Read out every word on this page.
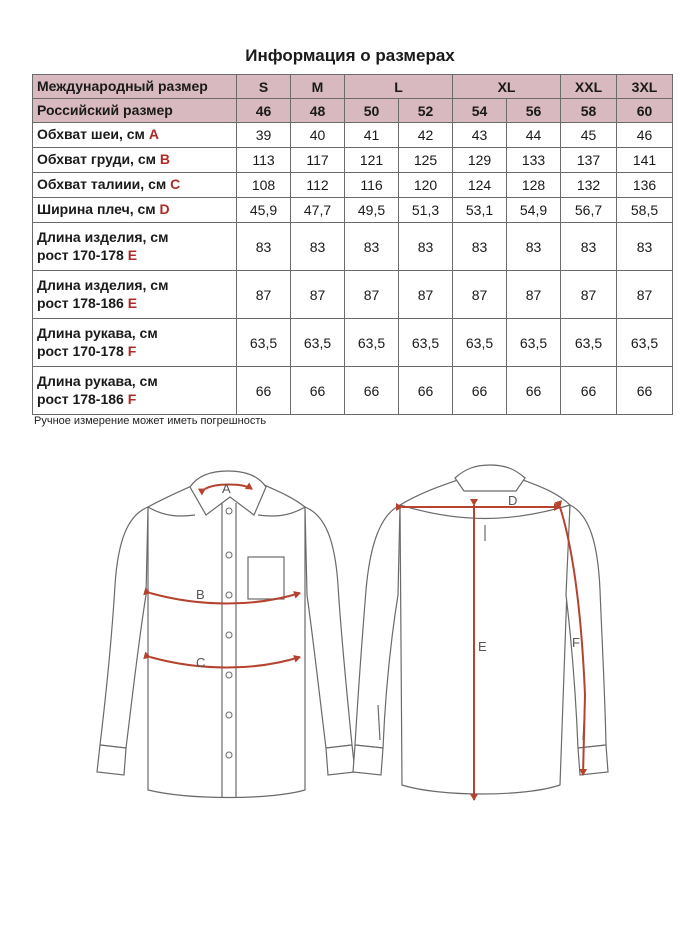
Информация о размерах
Международный размер	S	M	L		XL		XXL	3XL
Российский размер	46	48	50	52	54	56	58	60
Обхват шеи, см A	39	40	41	42	43	44	45	46
Обхват груди, см B	113	117	121	125	129	133	137	141
Обхват талиии, см C	108	112	116	120	124	128	132	136
Ширина плеч, см D	45,9	47,7	49,5	51,3	53,1	54,9	56,7	58,5
Длина изделия, см
рост 170-178 E	83	83	83	83	83	83	83	83
Длина изделия, см
рост 178-186 E	87	87	87	87	87	87	87	87
Длина рукава, см
рост 170-178 F	63,5	63,5	63,5	63,5	63,5	63,5	63,5	63,5
Длина рукава, см
рост 178-186 F	66	66	66	66	66	66	66	66
Ручное измерение может иметь погрешность
A
B
C
D
E	F
